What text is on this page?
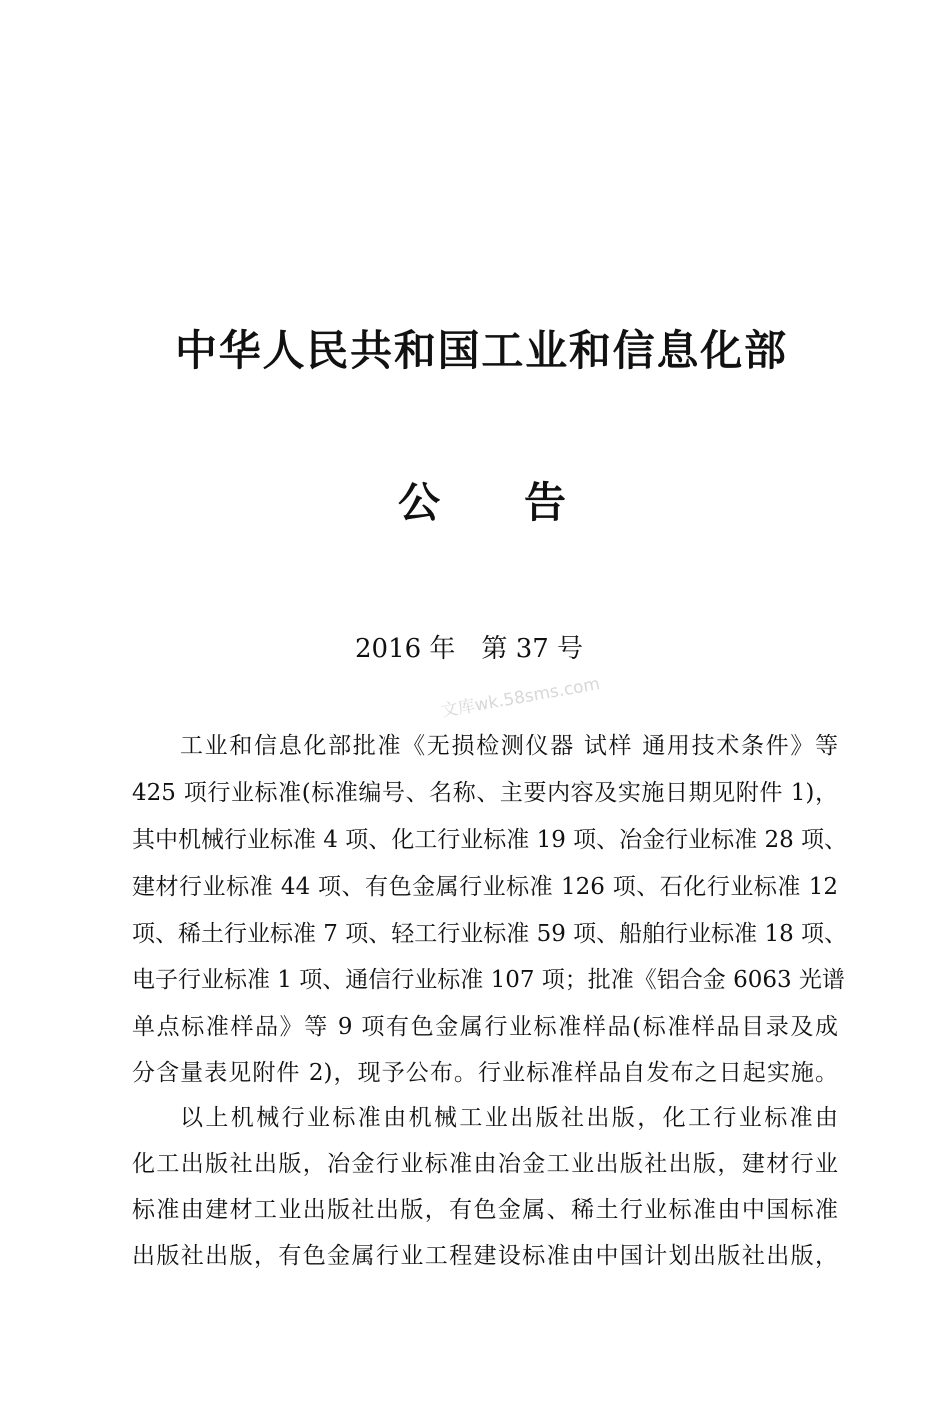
中华人民共和国工业和信息化部
公 告
2016 年　第 37 号
文库wk.58sms.com
工业和信息化部批准《无损检测仪器 试样 通用技术条件》等
425 项行业标准(标准编号、名称、主要内容及实施日期见附件 1)，
其中机械行业标准 4 项、化工行业标准 19 项、冶金行业标准 28 项、
建材行业标准 44 项、有色金属行业标准 126 项、石化行业标准 12
项、稀土行业标准 7 项、轻工行业标准 59 项、船舶行业标准 18 项、
电子行业标准 1 项、通信行业标准 107 项；批准《铝合金 6063 光谱
单点标准样品》等 9 项有色金属行业标准样品(标准样品目录及成
分含量表见附件 2)，现予公布。行业标准样品自发布之日起实施。
以上机械行业标准由机械工业出版社出版，化工行业标准由
化工出版社出版，冶金行业标准由冶金工业出版社出版，建材行业
标准由建材工业出版社出版，有色金属、稀土行业标准由中国标准
出版社出版，有色金属行业工程建设标准由中国计划出版社出版，
